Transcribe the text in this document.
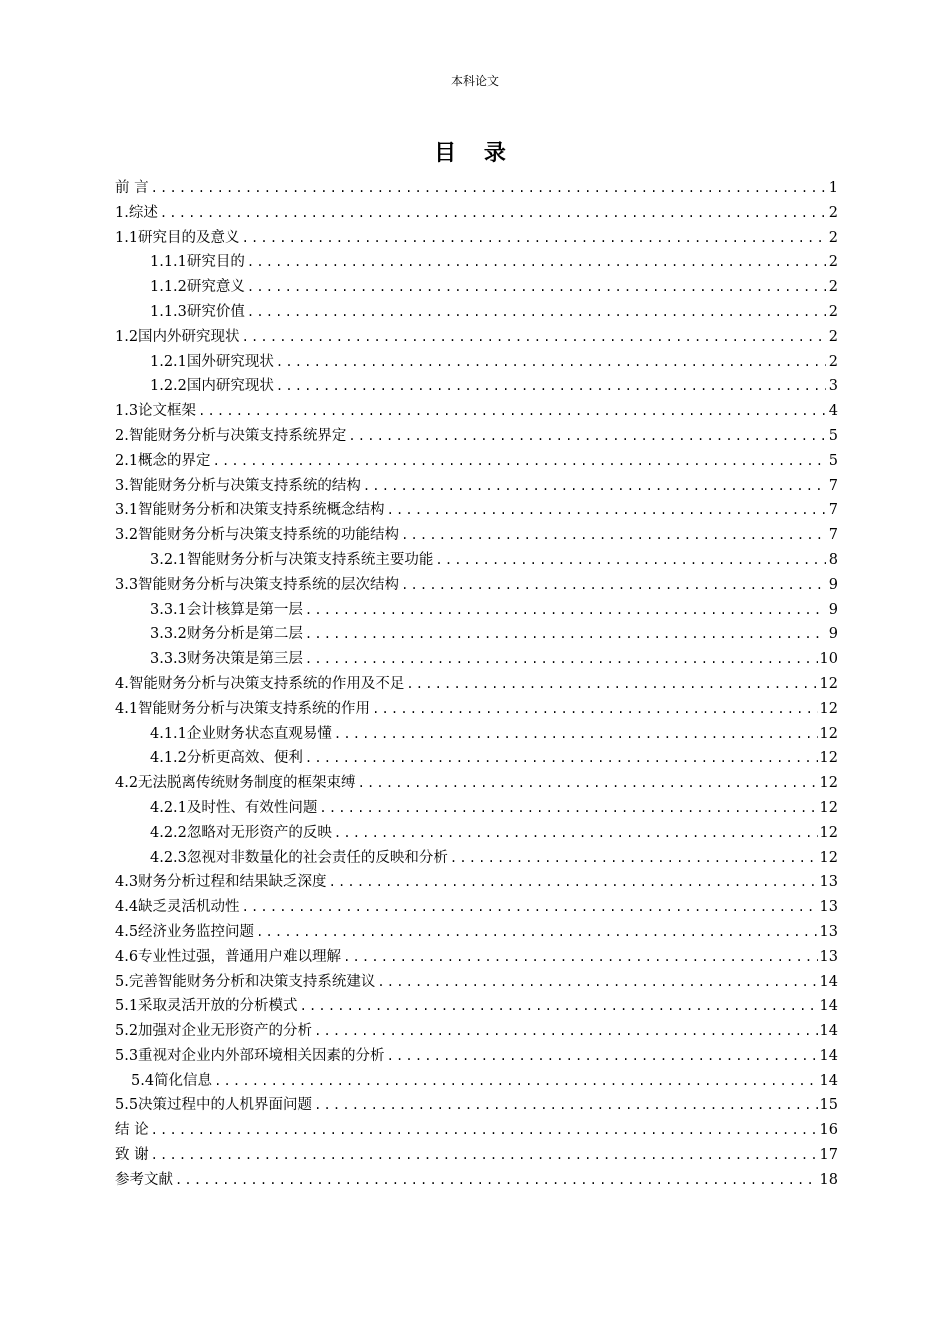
本科论文
目 录
前 言 .....	1
1.综述 .....	2
1.1研究目的及意义 .....	2
1.1.1研究目的 .....	2
1.1.2研究意义 .....	2
1.1.3研究价值 .....	2
1.2国内外研究现状 .....	2
1.2.1国外研究现状 .....	2
1.2.2国内研究现状 .....	3
1.3论文框架 .....	4
2.智能财务分析与决策支持系统界定 .....	5
2.1概念的界定 .....	5
3.智能财务分析与决策支持系统的结构 .....	7
3.1智能财务分析和决策支持系统概念结构 .....	7
3.2智能财务分析与决策支持系统的功能结构 .....	7
3.2.1智能财务分析与决策支持系统主要功能 .....	8
3.3智能财务分析与决策支持系统的层次结构 .....	9
3.3.1会计核算是第一层 .....	9
3.3.2财务分析是第二层 .....	9
3.3.3财务决策是第三层 .....	10
4.智能财务分析与决策支持系统的作用及不足 .....	12
4.1智能财务分析与决策支持系统的作用 .....	12
4.1.1企业财务状态直观易懂 .....	12
4.1.2分析更高效、便利 .....	12
4.2无法脱离传统财务制度的框架束缚 .....	12
4.2.1及时性、有效性问题 .....	12
4.2.2忽略对无形资产的反映 .....	12
4.2.3忽视对非数量化的社会责任的反映和分析 .....	12
4.3财务分析过程和结果缺乏深度 .....	13
4.4缺乏灵活机动性 .....	13
4.5经济业务监控问题 .....	13
4.6专业性过强，普通用户难以理解 .....	13
5.完善智能财务分析和决策支持系统建议 .....	14
5.1采取灵活开放的分析模式 .....	14
5.2加强对企业无形资产的分析 .....	14
5.3重视对企业内外部环境相关因素的分析 .....	14
5.4简化信息 .....	14
5.5决策过程中的人机界面问题 .....	15
结 论 .....	16
致 谢 .....	17
参考文献 .....	18
